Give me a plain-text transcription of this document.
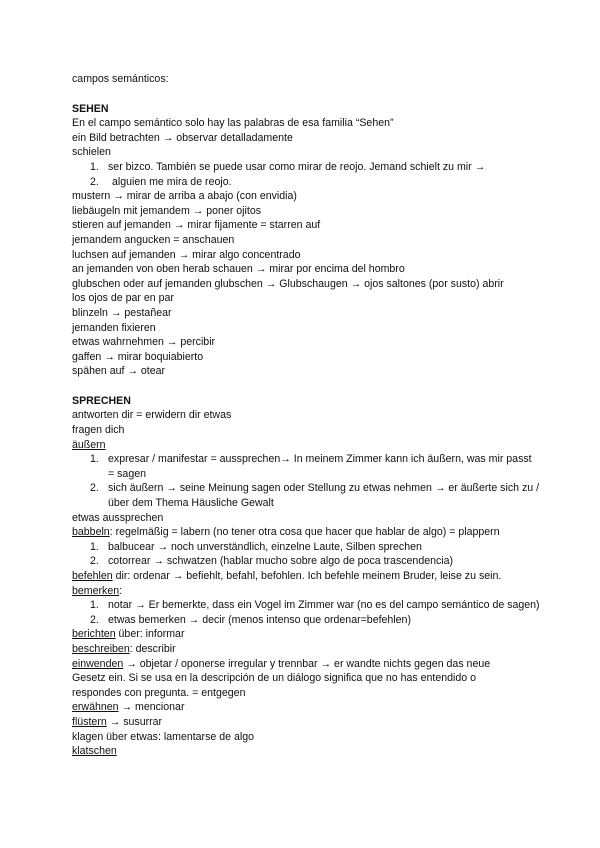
campos semánticos:

SEHEN

En el campo semántico solo hay las palabras de esa familia “Sehen”

ein Bild betrachten → observar detalladamente

schielen

1. ser bizco. También se puede usar como mirar de reojo. Jemand schielt zu mir →
2.	alguien me mira de reojo.

mustern → mirar de arriba a abajo (con envidia)

liebäugeln mit jemandem → poner ojitos

stieren auf jemanden → mirar fijamente = starren auf

jemandem angucken = anschauen

luchsen auf jemanden → mirar algo concentrado

an jemanden von oben herab schauen → mirar por encima del hombro

glubschen oder auf jemanden glubschen → Glubschaugen → ojos saltones (por susto) abrir

los ojos de par en par

blinzeln → pestañear

jemanden fixieren

etwas wahrnehmen → percibir

gaffen → mirar boquiabierto

spähen auf → otear

SPRECHEN

antworten dir = erwidern dir etwas

fragen dich

äußern

1. expresar / manifestar = aussprechen→ In meinem Zimmer kann ich äußern, was mir passt = sagen
2. sich äußern → seine Meinung sagen oder Stellung zu etwas nehmen → er äußerte sich zu / über dem Thema Häusliche Gewalt

etwas aussprechen

babbeln: regelmäßig = labern (no tener otra cosa que hacer que hablar de algo) = plappern

1. balbucear → noch unverständlich, einzelne Laute, Silben sprechen
2. cotorrear → schwatzen (hablar mucho sobre algo de poca trascendencia)

befehlen dir: ordenar → befiehlt, befahl, befohlen. Ich befehle meinem Bruder, leise zu sein.

bemerken:

1. notar → Er bemerkte, dass ein Vogel im Zimmer war (no es del campo semántico de sagen)
2. etwas bemerken → decir (menos intenso que ordenar=befehlen)

berichten über: informar

beschreiben: describir

einwenden → objetar / oponerse irregular y trennbar → er wandte nichts gegen das neue

Gesetz ein. Si se usa en la descripción de un diálogo significa que no has entendido o

respondes con pregunta. = entgegen

erwähnen → mencionar

flüstern → susurrar

klagen über etwas: lamentarse de algo

klatschen
